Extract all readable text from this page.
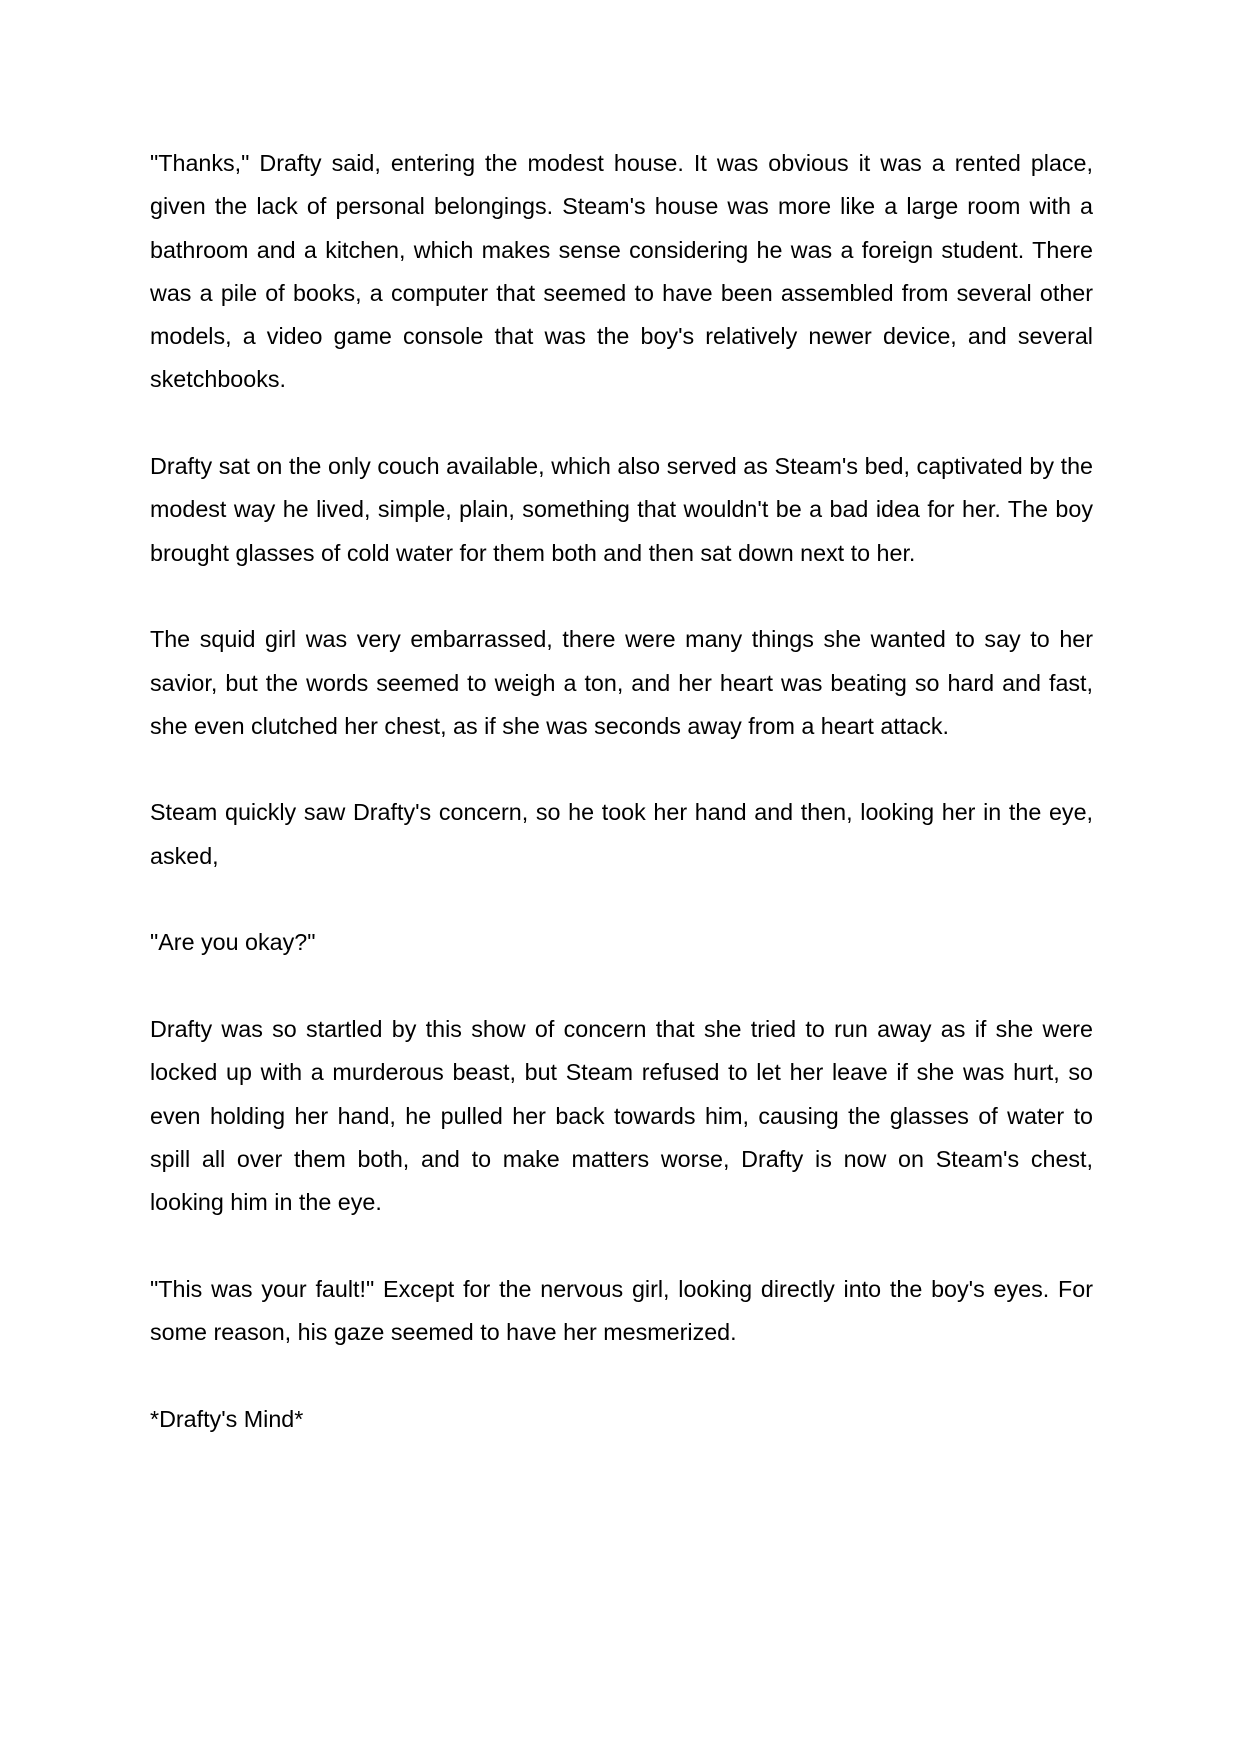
"Thanks," Drafty said, entering the modest house. It was obvious it was a rented place, given the lack of personal belongings. Steam's house was more like a large room with a bathroom and a kitchen, which makes sense considering he was a foreign student. There was a pile of books, a computer that seemed to have been assembled from several other models, a video game console that was the boy's relatively newer device, and several sketchbooks.

Drafty sat on the only couch available, which also served as Steam's bed, captivated by the modest way he lived, simple, plain, something that wouldn't be a bad idea for her. The boy brought glasses of cold water for them both and then sat down next to her.

The squid girl was very embarrassed, there were many things she wanted to say to her savior, but the words seemed to weigh a ton, and her heart was beating so hard and fast, she even clutched her chest, as if she was seconds away from a heart attack.

Steam quickly saw Drafty's concern, so he took her hand and then, looking her in the eye, asked,

"Are you okay?"

Drafty was so startled by this show of concern that she tried to run away as if she were locked up with a murderous beast, but Steam refused to let her leave if she was hurt, so even holding her hand, he pulled her back towards him, causing the glasses of water to spill all over them both, and to make matters worse, Drafty is now on Steam's chest, looking him in the eye.

"This was your fault!" Except for the nervous girl, looking directly into the boy's eyes. For some reason, his gaze seemed to have her mesmerized.

*Drafty's Mind*
